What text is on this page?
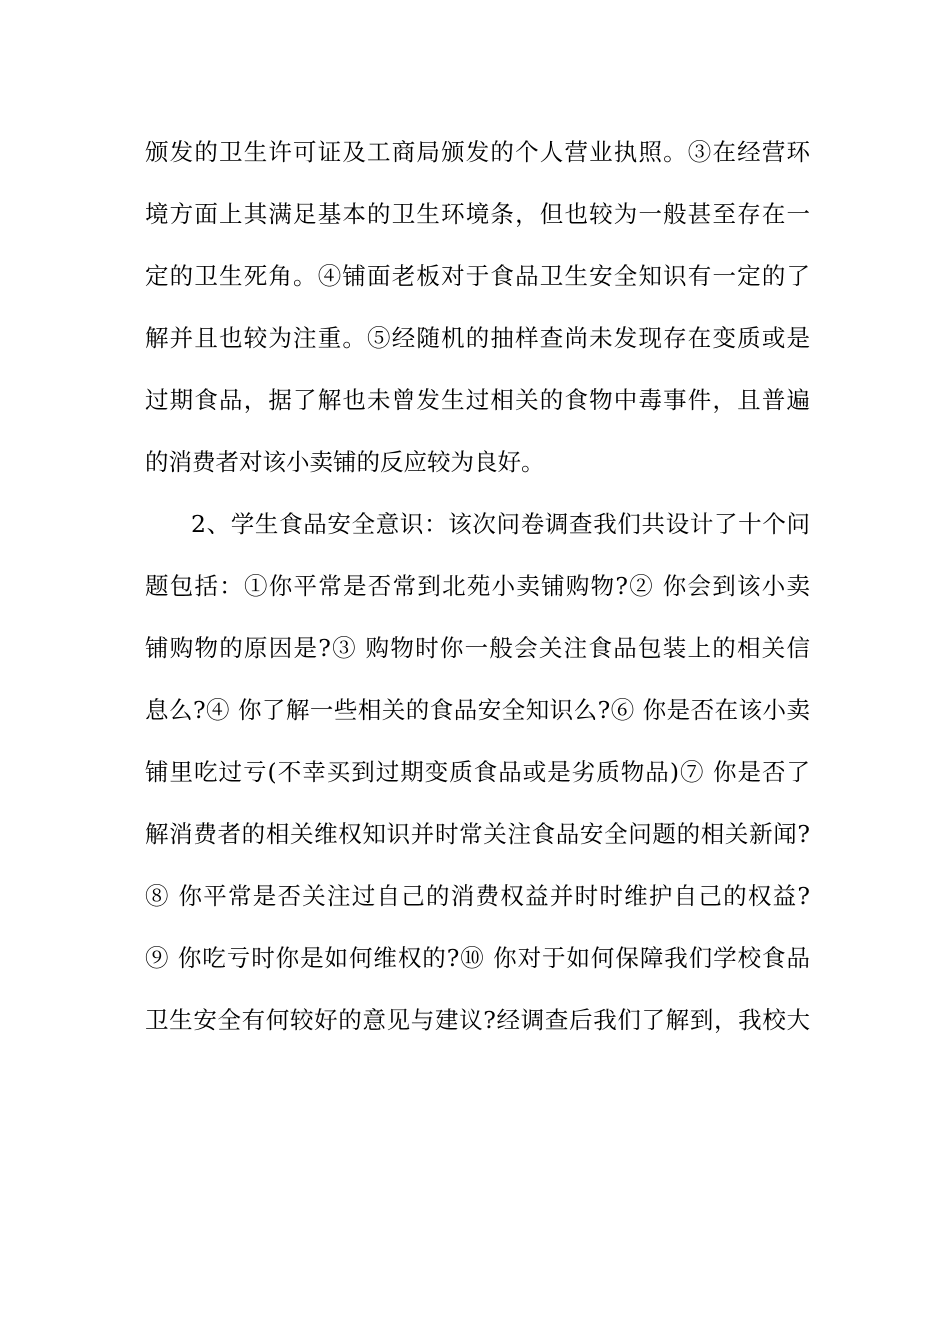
颁发的卫生许可证及工商局颁发的个人营业执照。③在经营环
境方面上其满足基本的卫生环境条，但也较为一般甚至存在一
定的卫生死角。④铺面老板对于食品卫生安全知识有一定的了
解并且也较为注重。⑤经随机的抽样查尚未发现存在变质或是
过期食品，据了解也未曾发生过相关的食物中毒事件，且普遍
的消费者对该小卖铺的反应较为良好。
2、学生食品安全意识：该次问卷调查我们共设计了十个问
题包括：①你平常是否常到北苑小卖铺购物?② 你会到该小卖
铺购物的原因是?③ 购物时你一般会关注食品包装上的相关信
息么?④ 你了解一些相关的食品安全知识么?⑥ 你是否在该小卖
铺里吃过亏(不幸买到过期变质食品或是劣质物品)⑦ 你是否了
解消费者的相关维权知识并时常关注食品安全问题的相关新闻?
⑧ 你平常是否关注过自己的消费权益并时时维护自己的权益?
⑨ 你吃亏时你是如何维权的?⑩ 你对于如何保障我们学校食品
卫生安全有何较好的意见与建议?经调查后我们了解到，我校大
